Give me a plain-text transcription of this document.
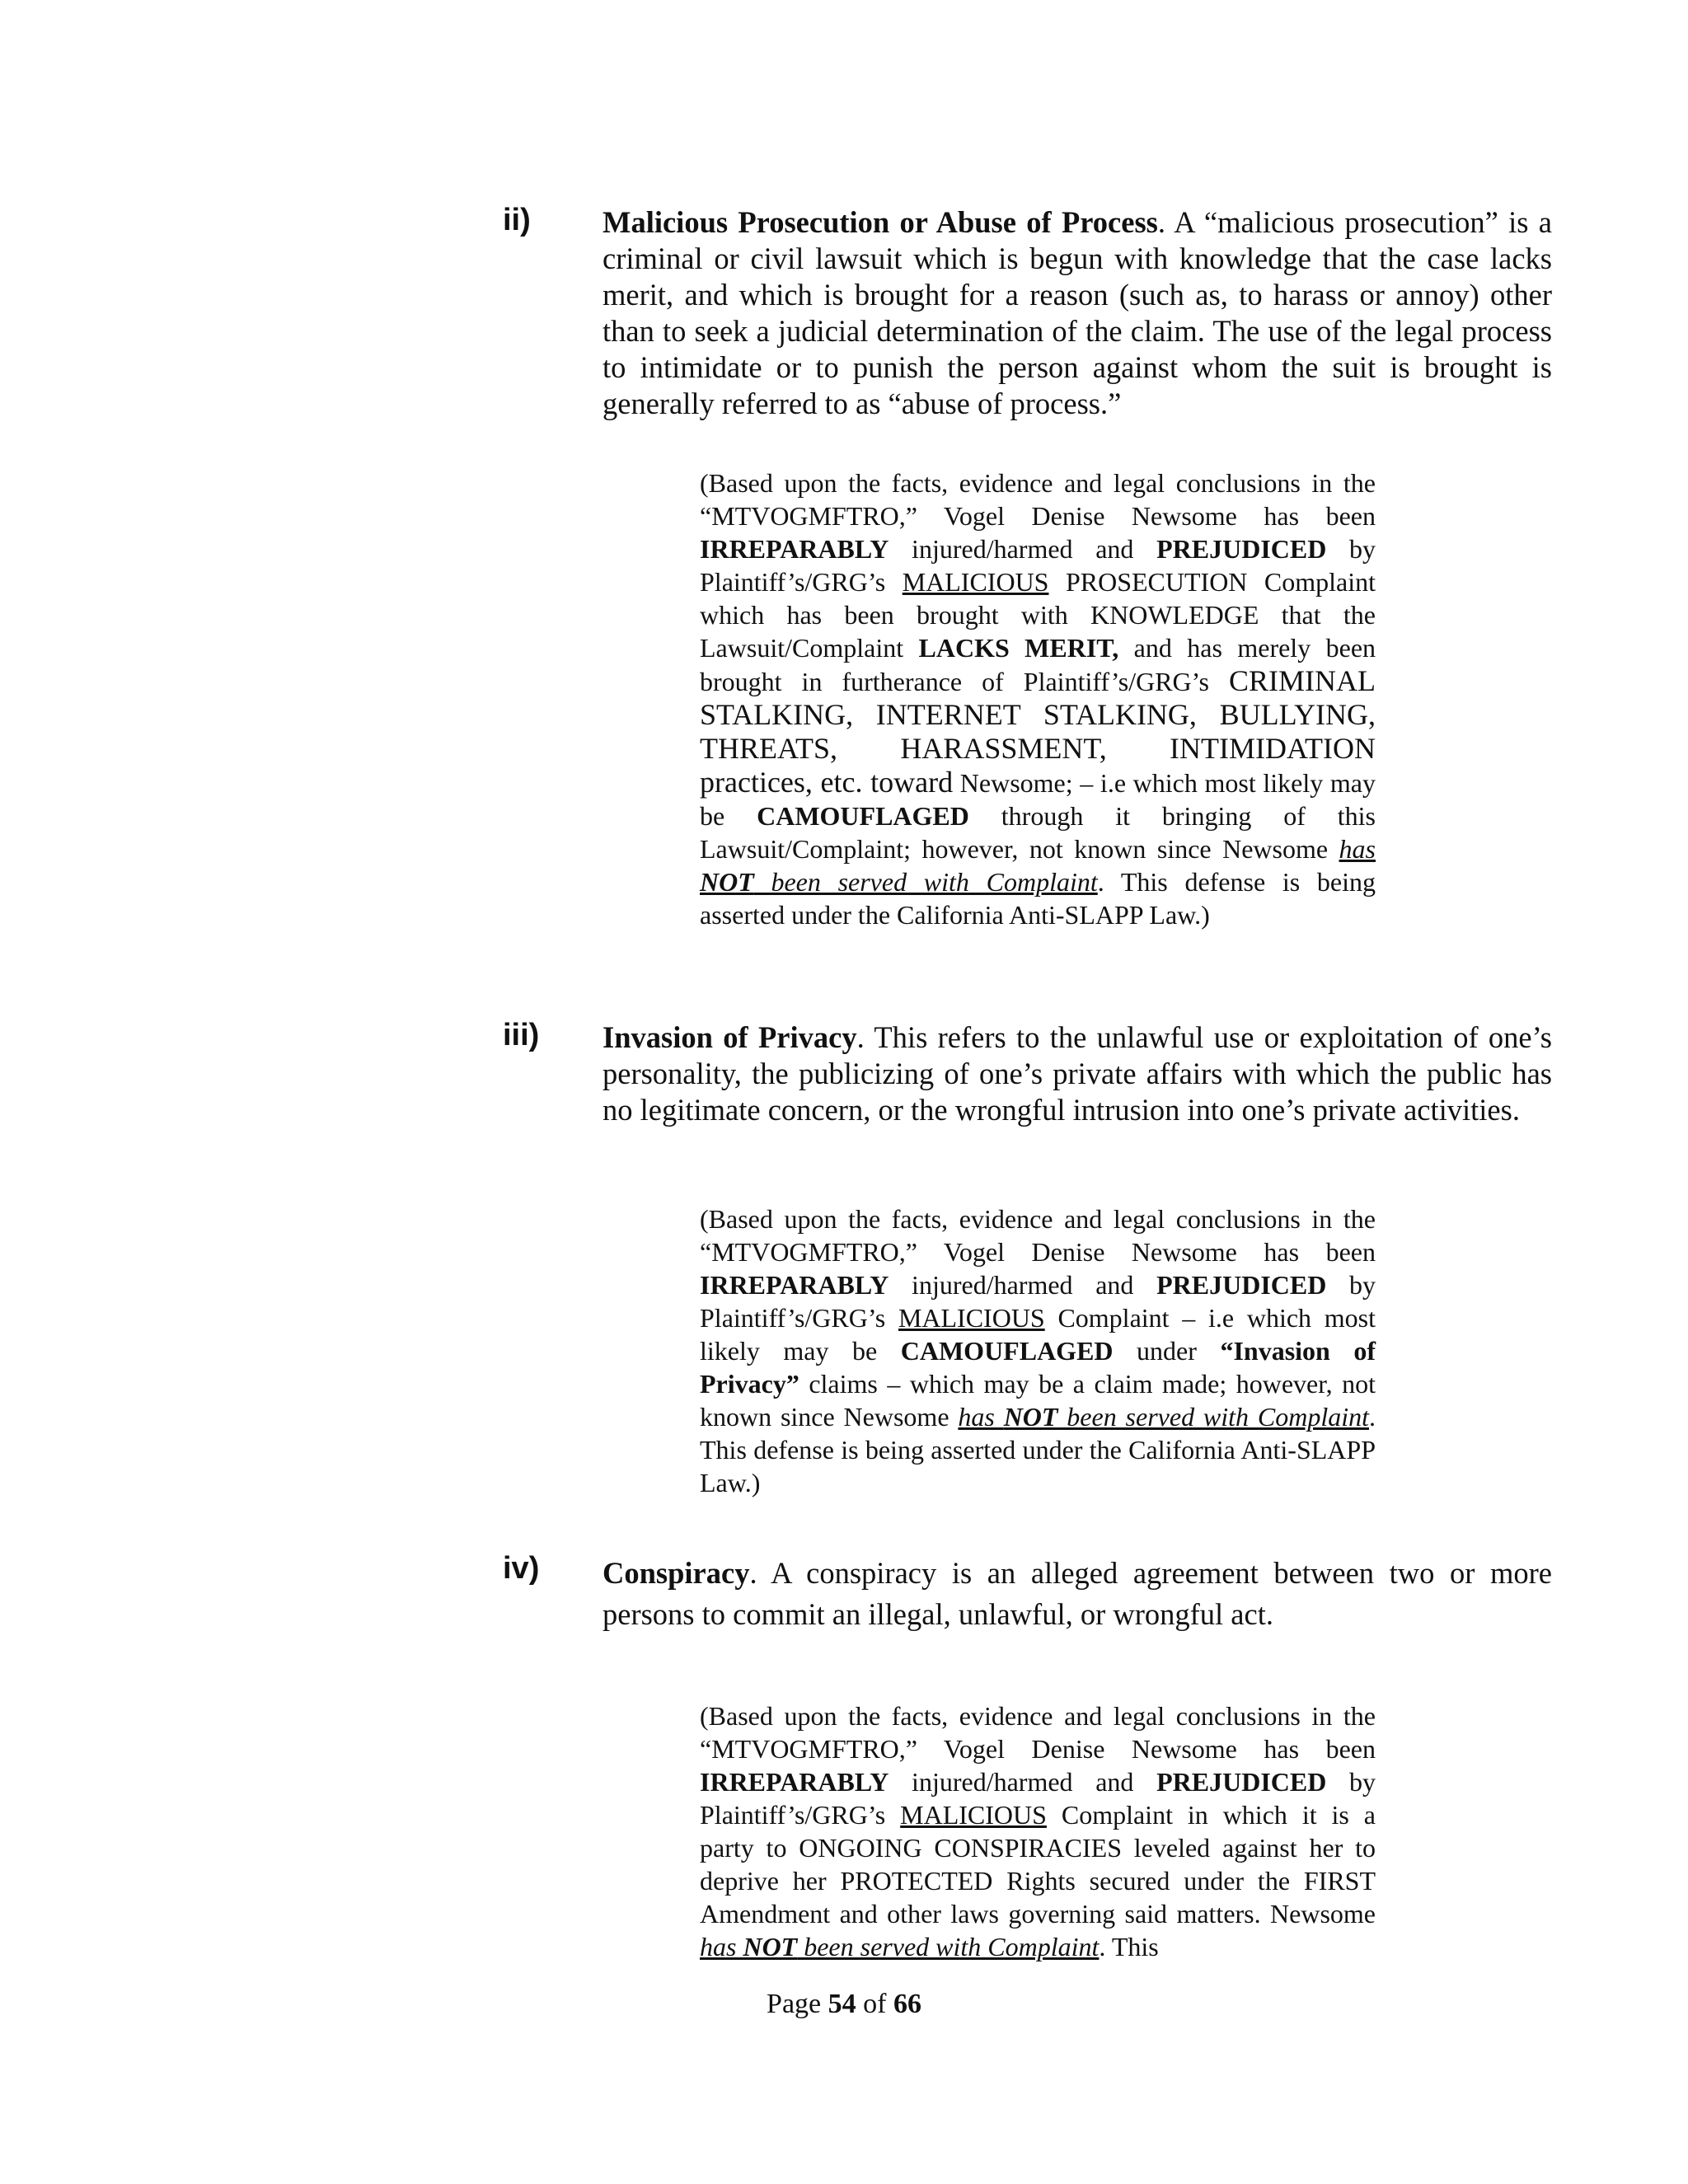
ii) Malicious Prosecution or Abuse of Process. A “malicious prosecution” is a criminal or civil lawsuit which is begun with knowledge that the case lacks merit, and which is brought for a reason (such as, to harass or annoy) other than to seek a judicial determination of the claim. The use of the legal process to intimidate or to punish the person against whom the suit is brought is generally referred to as “abuse of process.”

(Based upon the facts, evidence and legal conclusions in the “MTVOGMFTRO,” Vogel Denise Newsome has been IRREPARABLY injured/harmed and PREJUDICED by Plaintiff’s/GRG’s MALICIOUS PROSECUTION Complaint which has been brought with KNOWLEDGE that the Lawsuit/Complaint LACKS MERIT, and has merely been brought in furtherance of Plaintiff’s/GRG’s CRIMINAL STALKING, INTERNET STALKING, BULLYING, THREATS, HARASSMENT, INTIMIDATION practices, etc. toward Newsome; – i.e which most likely may be CAMOUFLAGED through it bringing of this Lawsuit/Complaint; however, not known since Newsome has NOT been served with Complaint. This defense is being asserted under the California Anti-SLAPP Law.)

iii) Invasion of Privacy. This refers to the unlawful use or exploitation of one’s personality, the publicizing of one’s private affairs with which the public has no legitimate concern, or the wrongful intrusion into one’s private activities.

(Based upon the facts, evidence and legal conclusions in the “MTVOGMFTRO,” Vogel Denise Newsome has been IRREPARABLY injured/harmed and PREJUDICED by Plaintiff’s/GRG’s MALICIOUS Complaint – i.e which most likely may be CAMOUFLAGED under “Invasion of Privacy” claims – which may be a claim made; however, not known since Newsome has NOT been served with Complaint. This defense is being asserted under the California Anti-SLAPP Law.)

iv) Conspiracy. A conspiracy is an alleged agreement between two or more persons to commit an illegal, unlawful, or wrongful act.

(Based upon the facts, evidence and legal conclusions in the “MTVOGMFTRO,” Vogel Denise Newsome has been IRREPARABLY injured/harmed and PREJUDICED by Plaintiff’s/GRG’s MALICIOUS Complaint in which it is a party to ONGOING CONSPIRACIES leveled against her to deprive her PROTECTED Rights secured under the FIRST Amendment and other laws governing said matters. Newsome has NOT been served with Complaint. This

Page 54 of 66
